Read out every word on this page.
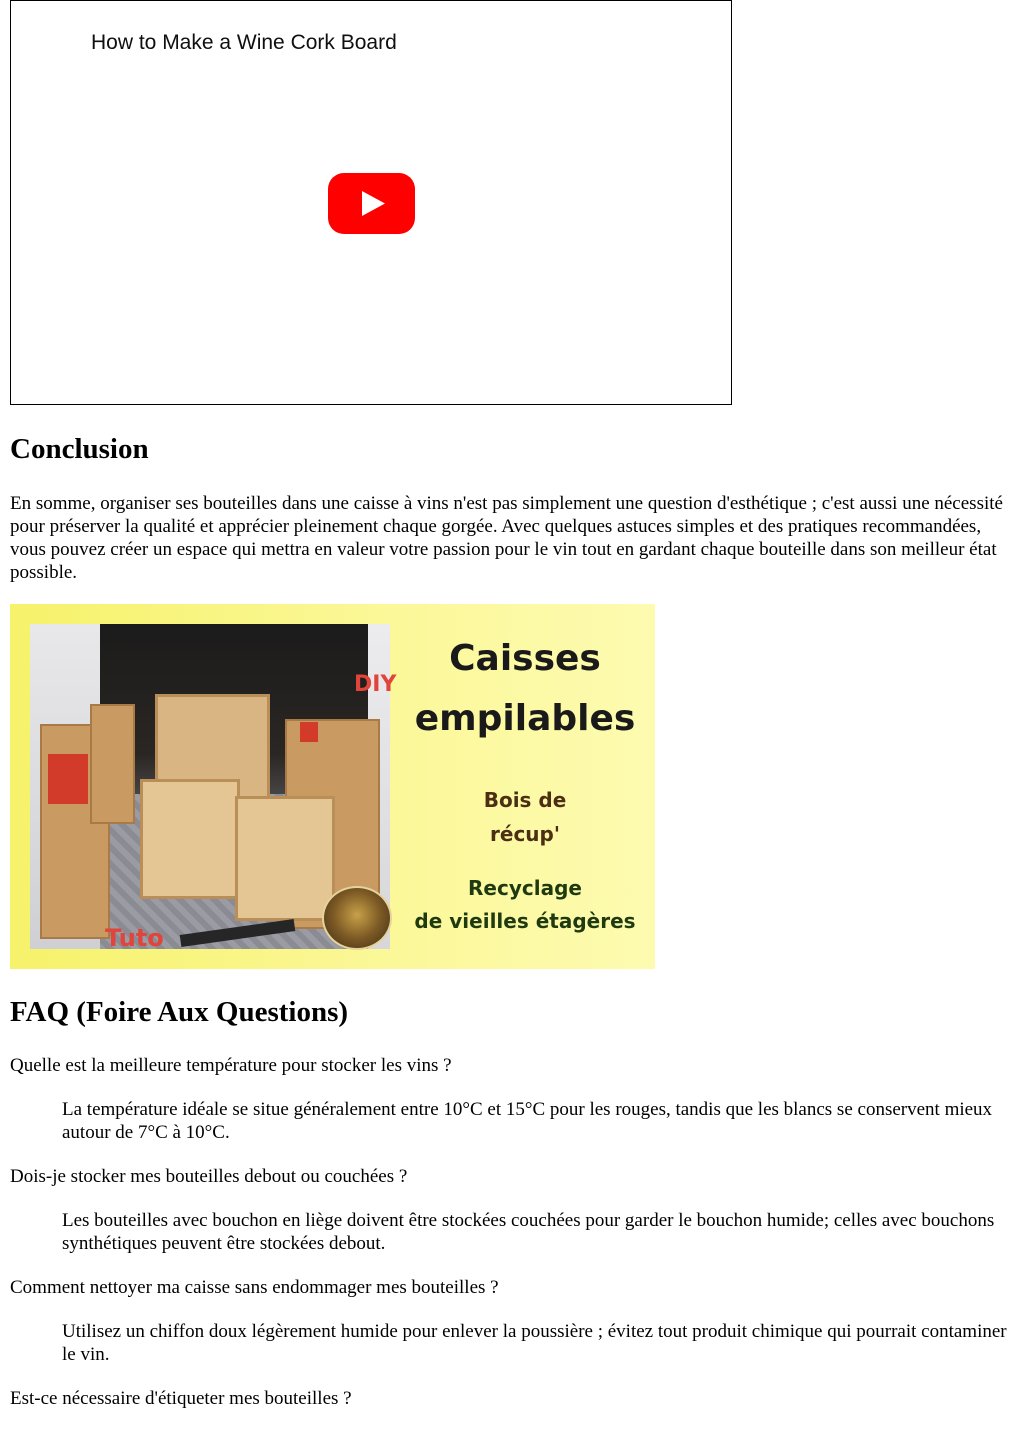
How to Make a Wine Cork Board
Conclusion

En somme, organiser ses bouteilles dans une caisse à vins n'est pas simplement une question d'esthétique ; c'est aussi une nécessité pour préserver la qualité et apprécier pleinement chaque gorgée. Avec quelques astuces simples et des pratiques recommandées, vous pouvez créer un espace qui mettra en valeur votre passion pour le vin tout en gardant chaque bouteille dans son meilleur état possible.

DIY
Tuto
Caisses
empilables
Bois de
récup'
Recyclage
de vieilles étagères
FAQ (Foire Aux Questions)
Quelle est la meilleure température pour stocker les vins ?
La température idéale se situe généralement entre 10°C et 15°C pour les rouges, tandis que les blancs se conservent mieux autour de 7°C à 10°C.
Dois-je stocker mes bouteilles debout ou couchées ?
Les bouteilles avec bouchon en liège doivent être stockées couchées pour garder le bouchon humide; celles avec bouchons synthétiques peuvent être stockées debout.
Comment nettoyer ma caisse sans endommager mes bouteilles ?
Utilisez un chiffon doux légèrement humide pour enlever la poussière ; évitez tout produit chimique qui pourrait contaminer le vin.
Est-ce nécessaire d'étiqueter mes bouteilles ?
